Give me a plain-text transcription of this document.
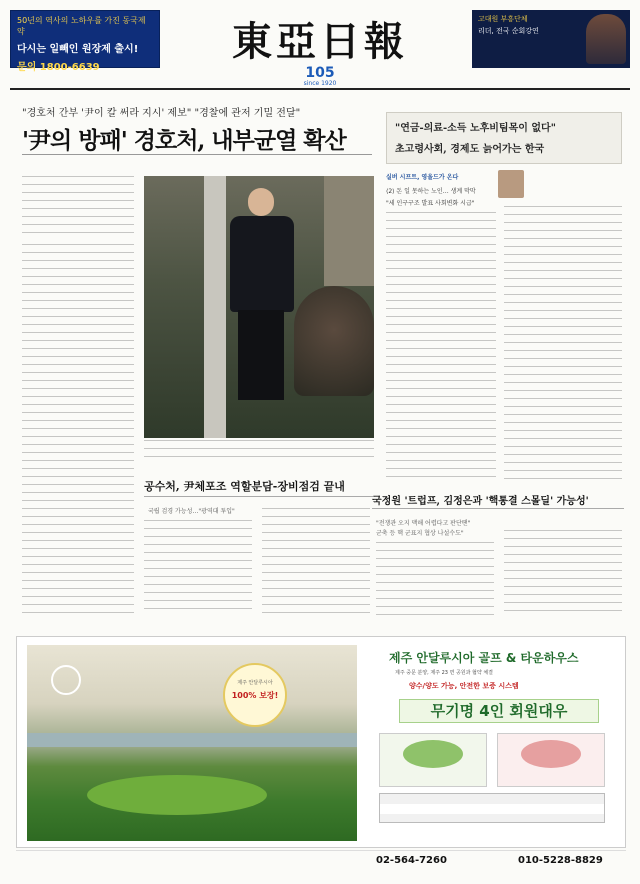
50년의 역사의 노하우를 가진 동국제약
다시는 일빼인 원장제 출시!
문의 1800-6639
東亞日報
105
since 1920
고대원 부흥단체
리더, 전국 순회강연
"경호처 간부 '尹이 칼 써라 지시' 제보" "경찰에 관저 기밀 전달"
'尹의 방패' 경호처, 내부균열 확산
공수처, 尹체포조 역할분담-장비점검 끝내
국립 검경 가능성…"광역대 투입"
"연금-의료-소득 노후비팀목이 없다"
초고령사회, 경제도 늙어가는 한국
실버 시프트, 영올드가 온다
⟨2⟩ 돈 일 못하는 노인… 생계 막막
"세 인구구조 발표 사회변화 시급"
국정원 '트럽프, 김정은과 '핵통결 스몰딜' 가능성'
"전쟁관 오지 맥해 어렵다고 판단땐"
군축 등 핵 군표지 협상 나설수도"
제주 안달루시아
100% 보장!
제주 안달루시아 골프 & 타운하우스
제주 중문 분양, 제주 23 면 공원과 협약 체결
양수/양도 가능, 안전한 보증 시스템
무기명 4인 회원대우
02-564-7260	010-5228-8829
